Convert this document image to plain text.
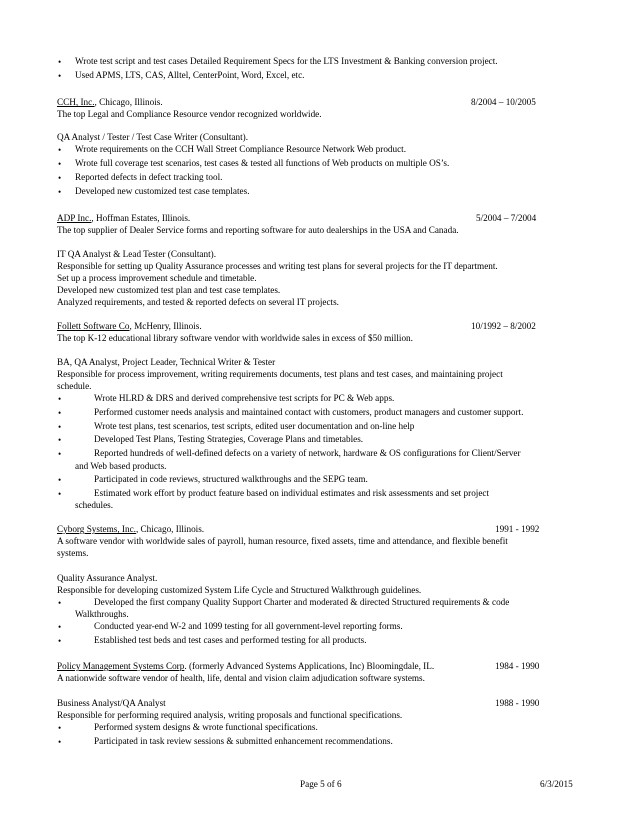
• Wrote test script and test cases Detailed Requirement Specs for the LTS Investment & Banking conversion project.
• Used APMS, LTS, CAS, Alltel, CenterPoint, Word, Excel, etc.
CCH, Inc., Chicago, Illinois.	8/2004 – 10/2005
The top Legal and Compliance Resource vendor recognized worldwide.
QA Analyst / Tester / Test Case Writer (Consultant).
• Wrote requirements on the CCH Wall Street Compliance Resource Network Web product.
• Wrote full coverage test scenarios, test cases & tested all functions of Web products on multiple OS’s.
• Reported defects in defect tracking tool.
• Developed new customized test case templates.
ADP Inc., Hoffman Estates, Illinois.	5/2004 – 7/2004
The top supplier of Dealer Service forms and reporting software for auto dealerships in the USA and Canada.
IT QA Analyst & Lead Tester (Consultant).
Responsible for setting up Quality Assurance processes and writing test plans for several projects for the IT department.
Set up a process improvement schedule and timetable.
Developed new customized test plan and test case templates.
Analyzed requirements, and tested & reported defects on several IT projects.
Follett Software Co, McHenry, Illinois.	10/1992 – 8/2002
The top K-12 educational library software vendor with worldwide sales in excess of $50 million.
BA, QA Analyst, Project Leader, Technical Writer & Tester
Responsible for process improvement, writing requirements documents, test plans and test cases, and maintaining project
schedule.
•	Wrote HLRD & DRS and derived comprehensive test scripts for PC & Web apps.
•	Performed customer needs analysis and maintained contact with customers, product managers and customer support.
•	Wrote test plans, test scenarios, test scripts, edited user documentation and on-line help
•	Developed Test Plans, Testing Strategies, Coverage Plans and timetables.
•	Reported hundreds of well-defined defects on a variety of network, hardware & OS configurations for Client/Server
and Web based products.
•	Participated in code reviews, structured walkthroughs and the SEPG team.
•	Estimated work effort by product feature based on individual estimates and risk assessments and set project
schedules.
Cyborg Systems, Inc., Chicago, Illinois.	1991 - 1992
A software vendor with worldwide sales of payroll, human resource, fixed assets, time and attendance, and flexible benefit
systems.
Quality Assurance Analyst.
Responsible for developing customized System Life Cycle and Structured Walkthrough guidelines.
•	Developed the first company Quality Support Charter and moderated & directed Structured requirements & code
Walkthroughs.
•	Conducted year-end W-2 and 1099 testing for all government-level reporting forms.
•	Established test beds and test cases and performed testing for all products.
Policy Management Systems Corp. (formerly Advanced Systems Applications, Inc) Bloomingdale, IL.	1984 - 1990
A nationwide software vendor of health, life, dental and vision claim adjudication software systems.
Business Analyst/QA Analyst	1988 - 1990
Responsible for performing required analysis, writing proposals and functional specifications.
•	Performed system designs & wrote functional specifications.
•	Participated in task review sessions & submitted enhancement recommendations.
Page 5 of 6	6/3/2015
